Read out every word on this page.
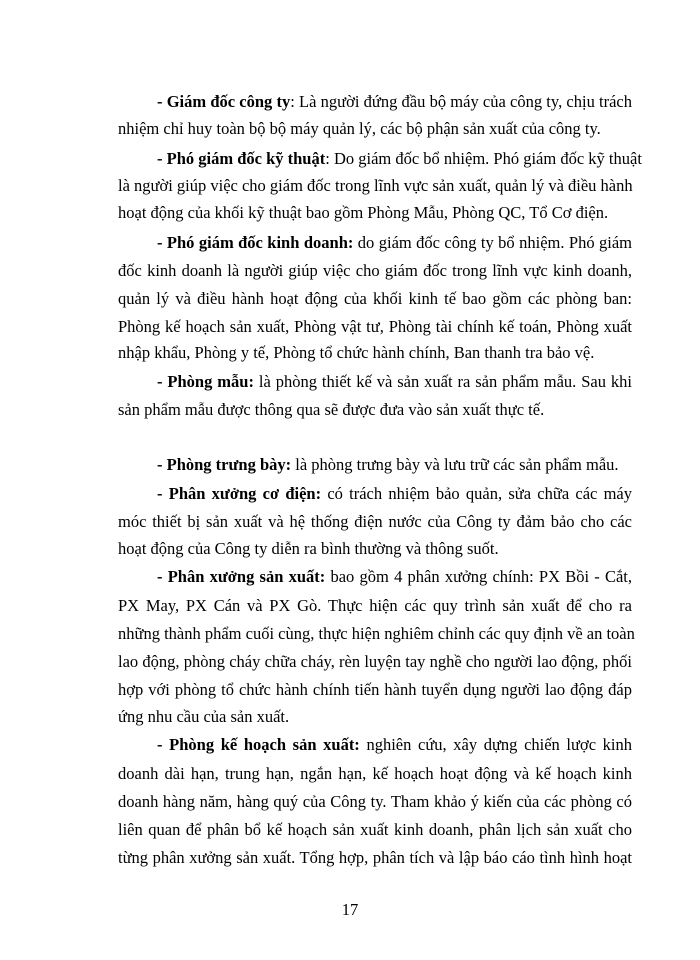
- Giám đốc công ty: Là người đứng đầu bộ máy của công ty, chịu trách
nhiệm chỉ huy toàn bộ bộ máy quản lý, các bộ phận sản xuất của công ty.
- Phó giám đốc kỹ thuật: Do giám đốc bổ nhiệm. Phó giám đốc kỹ thuật
là người giúp việc cho giám đốc trong lĩnh vực sản xuất, quản lý và điều hành
hoạt động của khối kỹ thuật bao gồm Phòng Mẫu, Phòng QC, Tổ Cơ điện.
- Phó giám đốc kinh doanh: do giám đốc công ty bổ nhiệm. Phó giám
đốc kinh doanh là người giúp việc cho giám đốc trong lĩnh vực kinh doanh,
quản lý và điều hành hoạt động của khối kinh tế bao gồm các phòng ban:
Phòng kế hoạch sản xuất, Phòng vật tư, Phòng tài chính kế toán, Phòng xuất
nhập khẩu, Phòng y tế, Phòng tổ chức hành chính, Ban thanh tra bảo vệ.
- Phòng mẫu: là phòng thiết kế và sản xuất ra sản phẩm mẫu. Sau khi
sản phẩm mẫu được thông qua sẽ được đưa vào sản xuất thực tế.
- Phòng trưng bày: là phòng trưng bày và lưu trữ các sản phẩm mẫu.
- Phân xưởng cơ điện: có trách nhiệm bảo quản, sửa chữa các máy
móc thiết bị sản xuất và hệ thống điện nước của Công ty đảm bảo cho các
hoạt động của Công ty diễn ra bình thường và thông suốt.
- Phân xưởng sản xuất: bao gồm 4 phân xưởng chính: PX Bồi - Cắt,
PX May, PX Cán và PX Gò. Thực hiện các quy trình sản xuất để cho ra
những thành phẩm cuối cùng, thực hiện nghiêm chỉnh các quy định về an toàn
lao động, phòng cháy chữa cháy, rèn luyện tay nghề cho người lao động, phối
hợp với phòng tổ chức hành chính tiến hành tuyển dụng người lao động đáp
ứng nhu cầu của sản xuất.
- Phòng kế hoạch sản xuất: nghiên cứu, xây dựng chiến lược kinh
doanh dài hạn, trung hạn, ngắn hạn, kế hoạch hoạt động và kế hoạch kinh
doanh hàng năm, hàng quý của Công ty. Tham khảo ý kiến của các phòng có
liên quan để phân bổ kế hoạch sản xuất kinh doanh, phân lịch sản xuất cho
từng phân xưởng sản xuất. Tổng hợp, phân tích và lập báo cáo tình hình hoạt
17
